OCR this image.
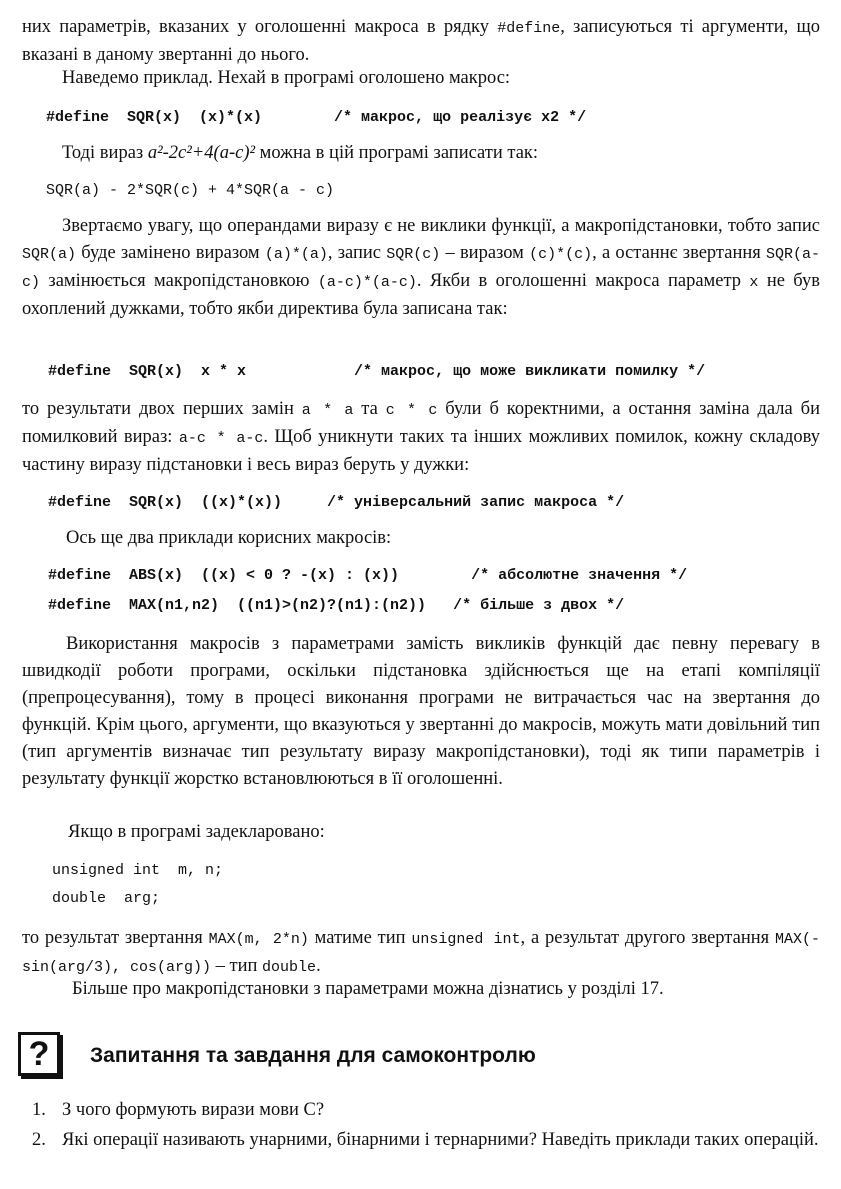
них параметрів, вказаних у оголошенні макроса в рядку #define, записуються ті аргументи, що вказані в даному звертанні до нього.
Наведемо приклад. Нехай в програмі оголошено макрос:
#define  SQR(x)  (x)*(x)        /* макрос, що реалізує x2 */
Тоді вираз a²-2c²+4(a-c)² можна в цій програмі записати так:
SQR(a) - 2*SQR(c) + 4*SQR(a - c)
Звертаємо увагу, що операндами виразу є не виклики функції, а макропідстановки, тобто запис SQR(a) буде замінено виразом (a)*(a), запис SQR(c) – виразом (c)*(c), а останнє звертання SQR(a-c) замінюється макропідстановкою (a-c)*(a-c). Якби в оголошенні макроса параметр x не був охоплений дужками, тобто якби директива була записана так:
#define  SQR(x)  x * x            /* макрос, що може викликати помилку */
то результати двох перших замін a * a та c * c були б коректними, а остання заміна дала би помилковий вираз: a-c * a-c. Щоб уникнути таких та інших можливих помилок, кожну складову частину виразу підстановки і весь вираз беруть у дужки:
#define  SQR(x)  ((x)*(x))     /* універсальний запис макроса */
Ось ще два приклади корисних макросів:
#define  ABS(x)  ((x) < 0 ? -(x) : (x))        /* абсолютне значення */
#define  MAX(n1,n2)  ((n1)>(n2)?(n1):(n2))   /* більше з двох */
Використання макросів з параметрами замість викликів функцій дає певну перевагу в швидкодії роботи програми, оскільки підстановка здійснюється ще на етапі компіляції (препроцесування), тому в процесі виконання програми не витрачається час на звертання до функцій. Крім цього, аргументи, що вказуються у звертанні до макросів, можуть мати довільний тип (тип аргументів визначає тип результату виразу макропідстановки), тоді як типи параметрів і результату функції жорстко встановлюються в її оголошенні.
Якщо в програмі задекларовано:
unsigned int  m, n;
double  arg;
то результат звертання MAX(m, 2*n) матиме тип unsigned int, а результат другого звертання MAX(-sin(arg/3), cos(arg)) – тип double.
Більше про макропідстановки з параметрами можна дізнатись у розділі 17.
?	Запитання та завдання для самоконтролю
1. З чого формують вирази мови С?
2. Які операції називають унарними, бінарними і тернарними? Наведіть приклади таких операцій.
